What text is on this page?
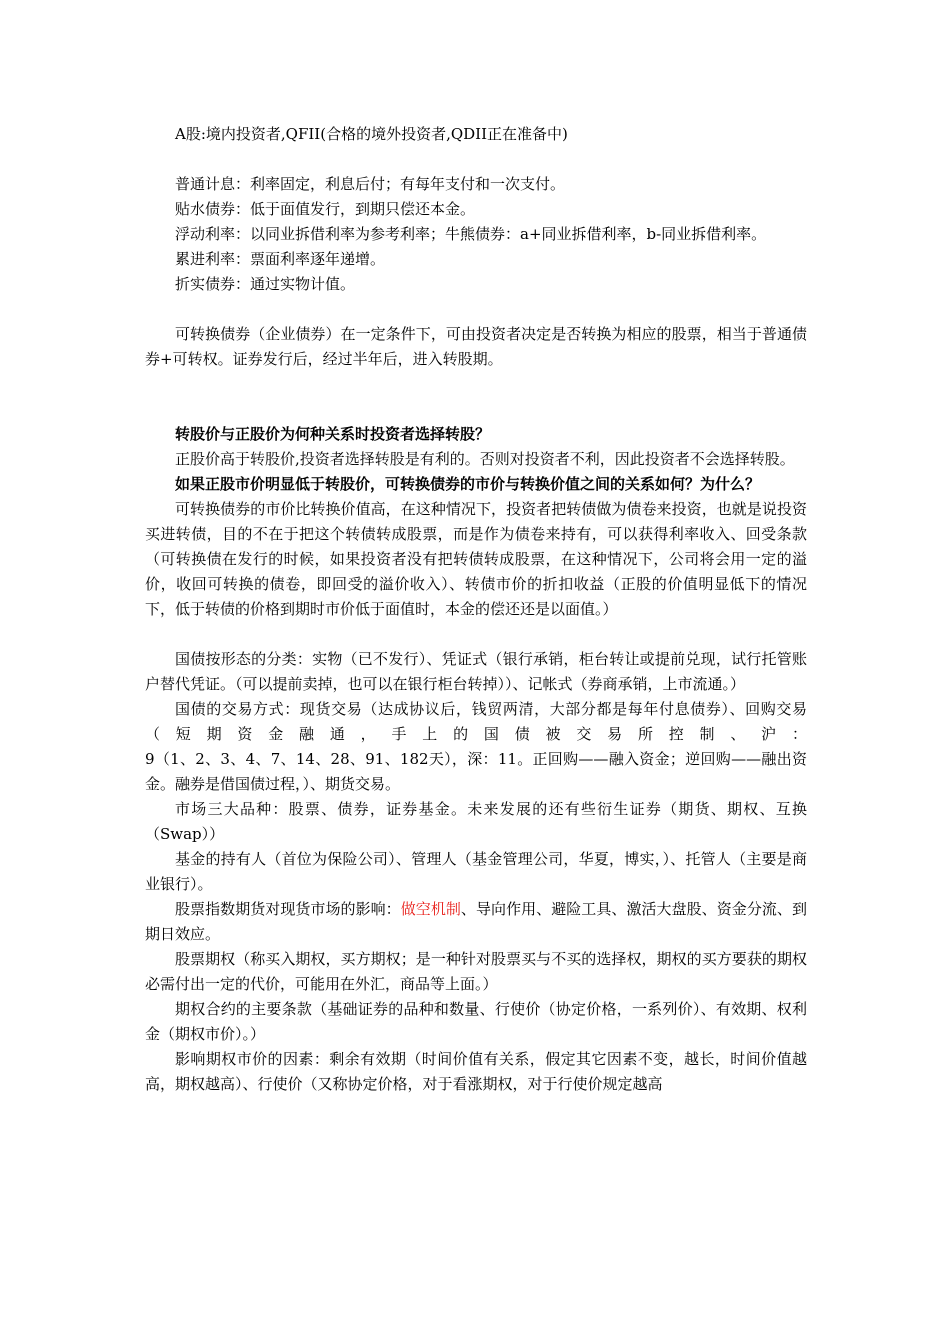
A股:境内投资者,QFII(合格的境外投资者,QDII正在准备中)

普通计息：利率固定，利息后付；有每年支付和一次支付。

贴水债券：低于面值发行，到期只偿还本金。

浮动利率：以同业拆借利率为参考利率；牛熊债券：a+同业拆借利率，b-同业拆借利率。

累进利率：票面利率逐年递增。

折实债券：通过实物计值。

可转换债券（企业债券）在一定条件下，可由投资者决定是否转换为相应的股票，相当于普通债券+可转权。证券发行后，经过半年后，进入转股期。

转股价与正股价为何种关系时投资者选择转股？

正股价高于转股价,投资者选择转股是有利的。否则对投资者不利，因此投资者不会选择转股。

如果正股市价明显低于转股价，可转换债券的市价与转换价值之间的关系如何？为什么？

可转换债券的市价比转换价值高，在这种情况下，投资者把转债做为债卷来投资，也就是说投资买进转债，目的不在于把这个转债转成股票，而是作为债卷来持有，可以获得利率收入、回受条款（可转换债在发行的时候，如果投资者没有把转债转成股票，在这种情况下，公司将会用一定的溢价，收回可转换的债卷，即回受的溢价收入）、转债市价的折扣收益（正股的价值明显低下的情况下，低于转债的价格到期时市价低于面值时，本金的偿还还是以面值。）

国债按形态的分类：实物（已不发行）、凭证式（银行承销，柜台转让或提前兑现，试行托管账户替代凭证。（可以提前卖掉，也可以在银行柜台转掉））、记帐式（券商承销，上市流通。）

国债的交易方式：现货交易（达成协议后，钱贸两清，大部分都是每年付息债券）、回购交易（短期资金融通，手上的国债被交易所控制、沪：

9（1、2、3、4、7、14、28、91、182天），深：11。正回购——融入资金；逆回购——融出资金。融券是借国债过程，）、期货交易。

市场三大品种：股票、债券，证券基金。未来发展的还有些衍生证券（期货、期权、互换（Swap））

基金的持有人（首位为保险公司）、管理人（基金管理公司，华夏，博实，）、托管人（主要是商业银行）。

股票指数期货对现货市场的影响：做空机制、导向作用、避险工具、激活大盘股、资金分流、到期日效应。

股票期权（称买入期权，买方期权；是一种针对股票买与不买的选择权，期权的买方要获的期权必需付出一定的代价，可能用在外汇，商品等上面。）

期权合约的主要条款（基础证券的品种和数量、行使价（协定价格，一系列价）、有效期、权利金（期权市价）。）

影响期权市价的因素：剩余有效期（时间价值有关系，假定其它因素不变，越长，时间价值越高，期权越高）、行使价（又称协定价格，对于看涨期权，对于行使价规定越高
